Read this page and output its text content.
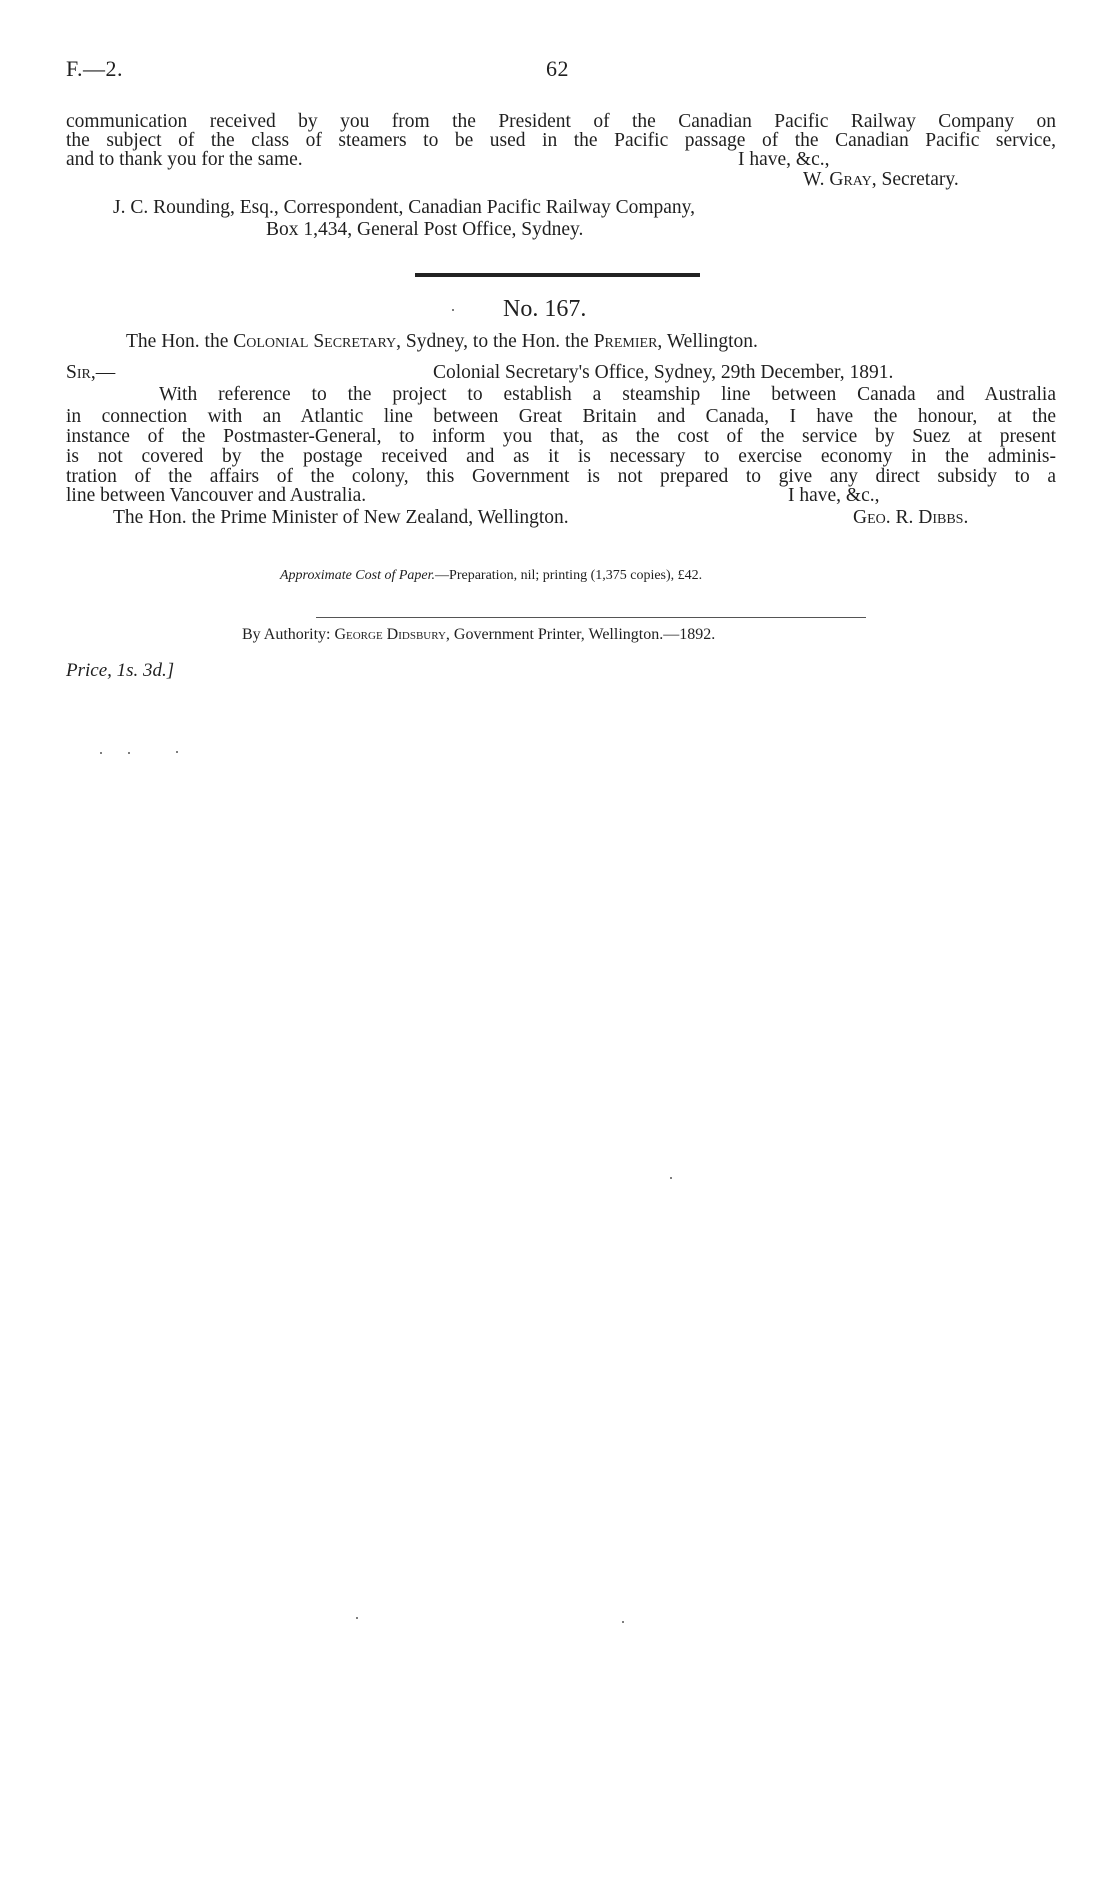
F.—2.	62
communication received by you from the President of the Canadian Pacific Railway Company on
the subject of the class of steamers to be used in the Pacific passage of the Canadian Pacific service,
and to thank you for the same.	I have, &c.,
W. Gray, Secretary.
J. C. Rounding, Esq., Correspondent, Canadian Pacific Railway Company,
Box 1,434, General Post Office, Sydney.
No. 167.
The Hon. the Colonial Secretary, Sydney, to the Hon. the Premier, Wellington.
Sir,—	Colonial Secretary's Office, Sydney, 29th December, 1891.
With reference to the project to establish a steamship line between Canada and Australia
in connection with an Atlantic line between Great Britain and Canada, I have the honour, at the
instance of the Postmaster-General, to inform you that, as the cost of the service by Suez at present
is not covered by the postage received and as it is necessary to exercise economy in the adminis-
tration of the affairs of the colony, this Government is not prepared to give any direct subsidy to a
line between Vancouver and Australia.	I have, &c.,
The Hon. the Prime Minister of New Zealand, Wellington.	Geo. R. Dibbs.
Approximate Cost of Paper.—Preparation, nil; printing (1,375 copies), £42.
By Authority: George Didsbury, Government Printer, Wellington.—1892.
Price, 1s. 3d.]
